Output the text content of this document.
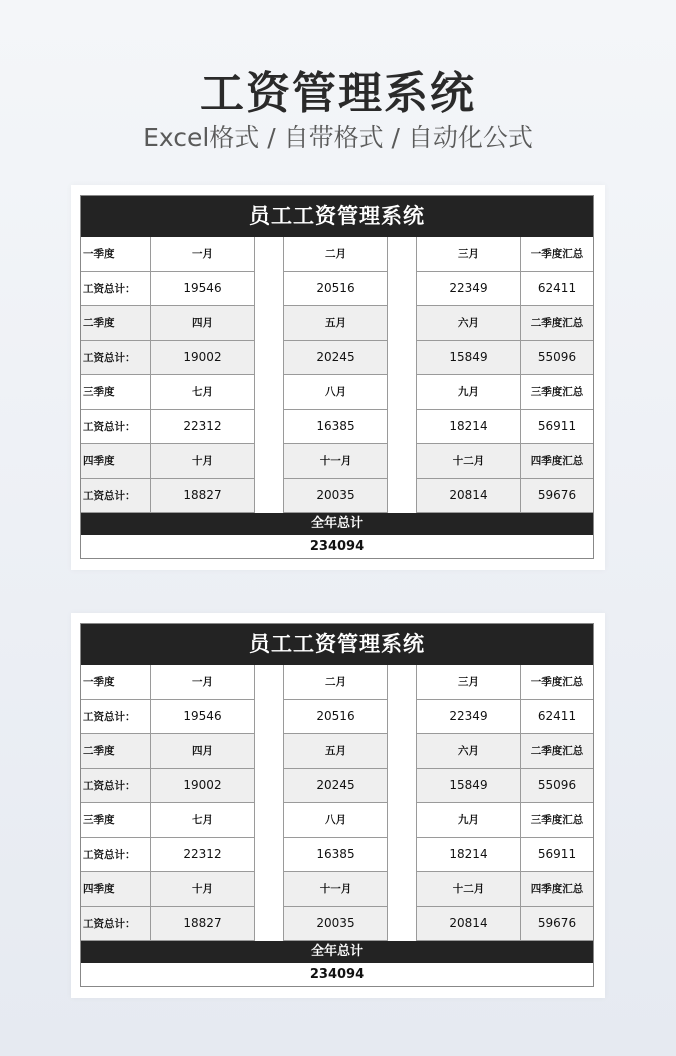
工资管理系统
Excel格式 / 自带格式 / 自动化公式
员工工资管理系统
一季度	一月	二月	三月	一季度汇总
工资总计：	19546	20516	22349	62411
二季度	四月	五月	六月	二季度汇总
工资总计：	19002	20245	15849	55096
三季度	七月	八月	九月	三季度汇总
工资总计：	22312	16385	18214	56911
四季度	十月	十一月	十二月	四季度汇总
工资总计：	18827	20035	20814	59676
全年总计
234094
员工工资管理系统
一季度	一月	二月	三月	一季度汇总
工资总计：	19546	20516	22349	62411
二季度	四月	五月	六月	二季度汇总
工资总计：	19002	20245	15849	55096
三季度	七月	八月	九月	三季度汇总
工资总计：	22312	16385	18214	56911
四季度	十月	十一月	十二月	四季度汇总
工资总计：	18827	20035	20814	59676
全年总计
234094
